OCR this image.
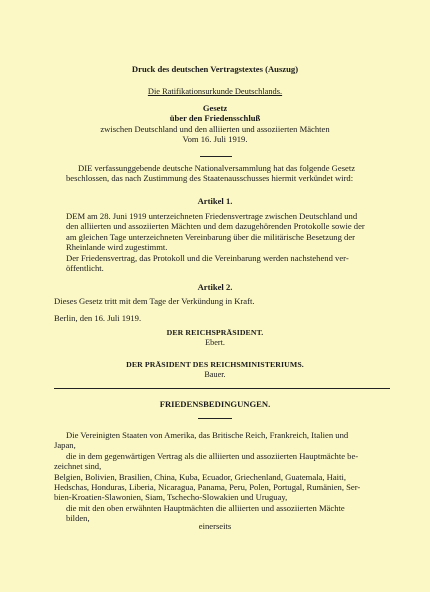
Druck des deutschen Vertragstextes (Auszug)
Die Ratifikationsurkunde Deutschlands.
Gesetz
über den Friedensschluß
zwischen Deutschland und den alliierten und assoziierten Mächten
Vom 16. Juli 1919.
DIE verfassunggebende deutsche Nationalversammlung hat das folgende Gesetz
beschlossen, das nach Zustimmung des Staatenausschusses hiermit verkündet wird:
Artikel 1.
DEM am 28. Juni 1919 unterzeichneten Friedensvertrage zwischen Deutschland und
den alliierten und assoziierten Mächten und dem dazugehörenden Protokolle sowie der
am gleichen Tage unterzeichneten Vereinbarung über die militärische Besetzung der
Rheinlande wird zugestimmt.
Der Friedensvertrag, das Protokoll und die Vereinbarung werden nachstehend ver-
öffentlicht.
Artikel 2.
Dieses Gesetz tritt mit dem Tage der Verkündung in Kraft.
Berlin, den 16. Juli 1919.
DER REICHSPRÄSIDENT.
Ebert.
DER PRÄSIDENT DES REICHSMINISTERIUMS.
Bauer.
FRIEDENSBEDINGUNGEN.
Die Vereinigten Staaten von Amerika, das Britische Reich, Frankreich, Italien und
Japan,
die in dem gegenwärtigen Vertrag als die alliierten und assoziierten Hauptmächte be-
zeichnet sind,
Belgien, Bolivien, Brasilien, China, Kuba, Ecuador, Griechenland, Guatemala, Haiti,
Hedschas, Honduras, Liberia, Nicaragua, Panama, Peru, Polen, Portugal, Rumänien, Ser-
bien-Kroatien-Slawonien, Siam, Tschecho-Slowakien und Uruguay,
die mit den oben erwähnten Hauptmächten die alliierten und assoziierten Mächte
bilden,
einerseits
